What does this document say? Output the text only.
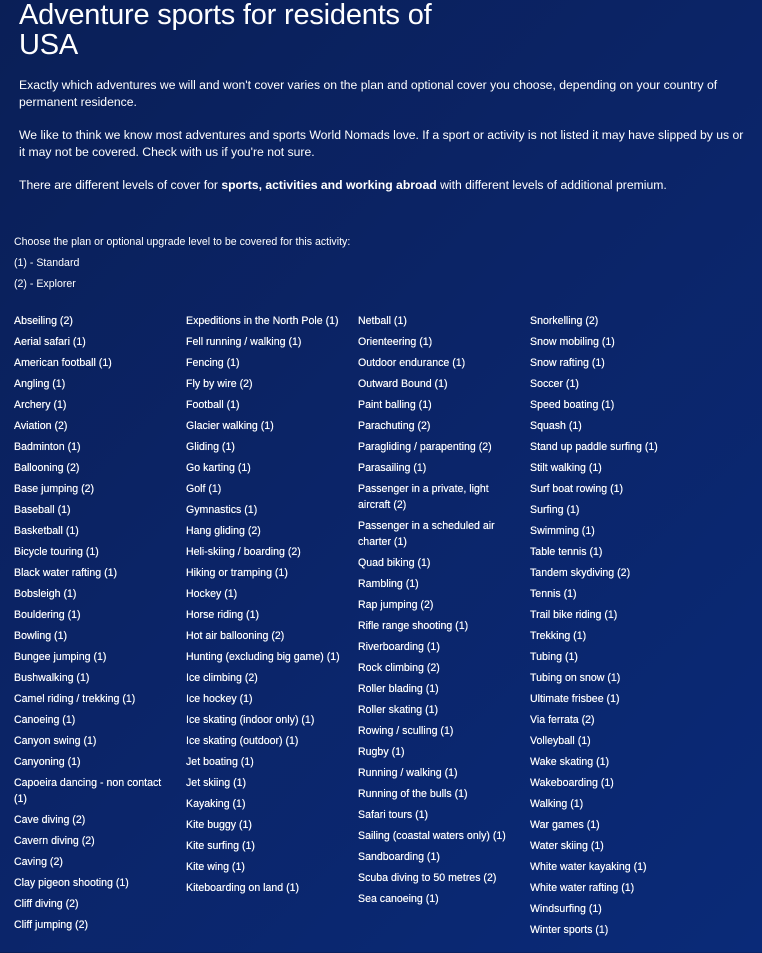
Adventure sports for residents of USA

Exactly which adventures we will and won't cover varies on the plan and optional cover you choose, depending on your country of permanent residence.

We like to think we know most adventures and sports World Nomads love. If a sport or activity is not listed it may have slipped by us or it may not be covered. Check with us if you're not sure.

There are different levels of cover for sports, activities and working abroad with different levels of additional premium.

Choose the plan or optional upgrade level to be covered for this activity:
(1) - Standard
(2) - Explorer
Abseiling (2)
Aerial safari (1)
American football (1)
Angling (1)
Archery (1)
Aviation (2)
Badminton (1)
Ballooning (2)
Base jumping (2)
Baseball (1)
Basketball (1)
Bicycle touring (1)
Black water rafting (1)
Bobsleigh (1)
Bouldering (1)
Bowling (1)
Bungee jumping (1)
Bushwalking (1)
Camel riding / trekking (1)
Canoeing (1)
Canyon swing (1)
Canyoning (1)
Capoeira dancing - non contact (1)
Cave diving (2)
Cavern diving (2)
Caving (2)
Clay pigeon shooting (1)
Cliff diving (2)
Cliff jumping (2)
Expeditions in the North Pole (1)
Fell running / walking (1)
Fencing (1)
Fly by wire (2)
Football (1)
Glacier walking (1)
Gliding (1)
Go karting (1)
Golf (1)
Gymnastics (1)
Hang gliding (2)
Heli-skiing / boarding (2)
Hiking or tramping (1)
Hockey (1)
Horse riding (1)
Hot air ballooning (2)
Hunting (excluding big game) (1)
Ice climbing (2)
Ice hockey (1)
Ice skating (indoor only) (1)
Ice skating (outdoor) (1)
Jet boating (1)
Jet skiing (1)
Kayaking (1)
Kite buggy (1)
Kite surfing (1)
Kite wing (1)
Kiteboarding on land (1)
Netball (1)
Orienteering (1)
Outdoor endurance (1)
Outward Bound (1)
Paint balling (1)
Parachuting (2)
Paragliding / parapenting (2)
Parasailing (1)
Passenger in a private, light aircraft (2)
Passenger in a scheduled air charter (1)
Quad biking (1)
Rambling (1)
Rap jumping (2)
Rifle range shooting (1)
Riverboarding (1)
Rock climbing (2)
Roller blading (1)
Roller skating (1)
Rowing / sculling (1)
Rugby (1)
Running / walking (1)
Running of the bulls (1)
Safari tours (1)
Sailing (coastal waters only) (1)
Sandboarding (1)
Scuba diving to 50 metres (2)
Sea canoeing (1)
Snorkelling (2)
Snow mobiling (1)
Snow rafting (1)
Soccer (1)
Speed boating (1)
Squash (1)
Stand up paddle surfing (1)
Stilt walking (1)
Surf boat rowing (1)
Surfing (1)
Swimming (1)
Table tennis (1)
Tandem skydiving (2)
Tennis (1)
Trail bike riding (1)
Trekking (1)
Tubing (1)
Tubing on snow (1)
Ultimate frisbee (1)
Via ferrata (2)
Volleyball (1)
Wake skating (1)
Wakeboarding (1)
Walking (1)
War games (1)
Water skiing (1)
White water kayaking (1)
White water rafting (1)
Windsurfing (1)
Winter sports (1)
